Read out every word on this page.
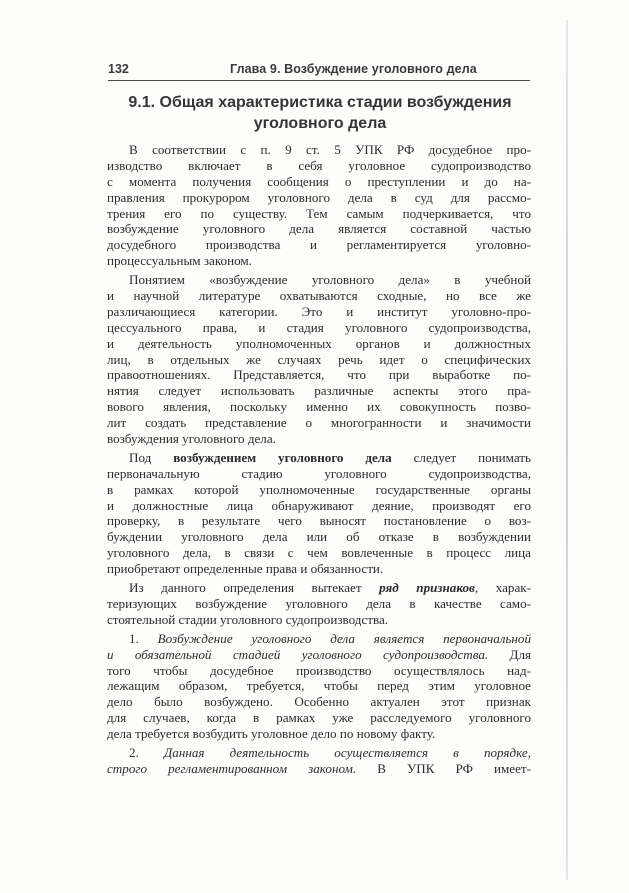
132	Глава 9. Возбуждение уголовного дела
9.1. Общая характеристика стадии возбуждения
уголовного дела
В соответствии с п. 9 ст. 5 УПК РФ досудебное про-
изводство включает в себя уголовное судопроизводство
с момента получения сообщения о преступлении и до на-
правления прокурором уголовного дела в суд для рассмо-
трения его по существу. Тем самым подчеркивается, что
возбуждение уголовного дела является составной частью
досудебного производства и регламентируется уголовно-
процессуальным законом.
Понятием «возбуждение уголовного дела» в учебной
и научной литературе охватываются сходные, но все же
различающиеся категории. Это и институт уголовно-про-
цессуального права, и стадия уголовного судопроизводства,
и деятельность уполномоченных органов и должностных
лиц, в отдельных же случаях речь идет о специфических
правоотношениях. Представляется, что при выработке по-
нятия следует использовать различные аспекты этого пра-
вового явления, поскольку именно их совокупность позво-
лит создать представление о многогранности и значимости
возбуждения уголовного дела.
Под возбуждением уголовного дела следует понимать
первоначальную стадию уголовного судопроизводства,
в рамках которой уполномоченные государственные органы
и должностные лица обнаруживают деяние, производят его
проверку, в результате чего выносят постановление о воз-
буждении уголовного дела или об отказе в возбуждении
уголовного дела, в связи с чем вовлеченные в процесс лица
приобретают определенные права и обязанности.
Из данного определения вытекает ряд признаков, харак-
теризующих возбуждение уголовного дела в качестве само-
стоятельной стадии уголовного судопроизводства.
1. Возбуждение уголовного дела является первоначальной
и обязательной стадией уголовного судопроизводства. Для
того чтобы досудебное производство осуществлялось над-
лежащим образом, требуется, чтобы перед этим уголовное
дело было возбуждено. Особенно актуален этот признак
для случаев, когда в рамках уже расследуемого уголовного
дела требуется возбудить уголовное дело по новому факту.
2. Данная деятельность осуществляется в порядке,
строго регламентированном законом. В УПК РФ имеет-
